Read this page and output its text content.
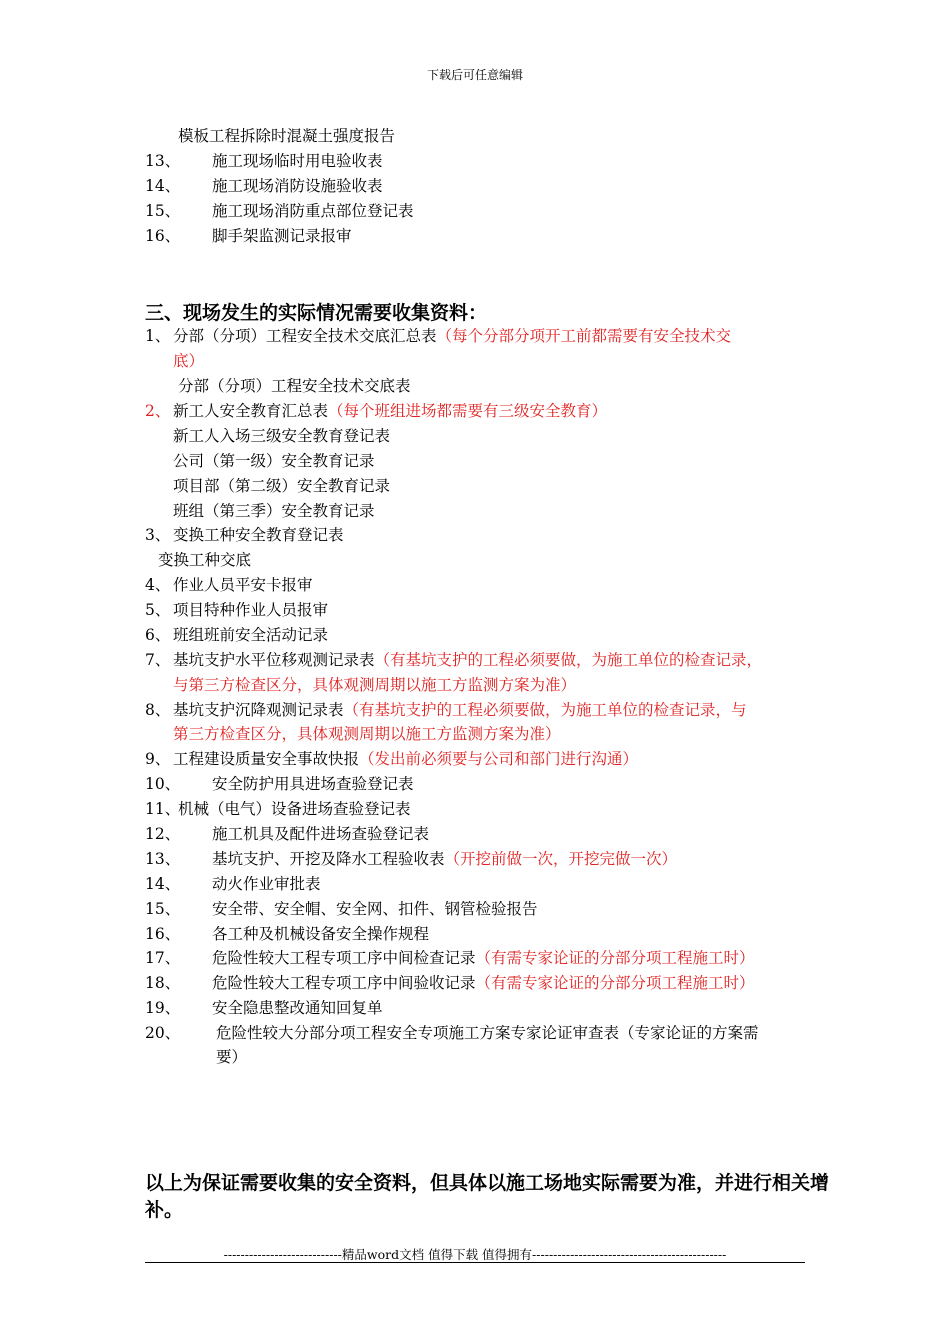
下载后可任意编辑
模板工程拆除时混凝土强度报告
13、 施工现场临时用电验收表
14、 施工现场消防设施验收表
15、 施工现场消防重点部位登记表
16、 脚手架监测记录报审
三、现场发生的实际情况需要收集资料：
1、 分部（分项）工程安全技术交底汇总表（每个分部分项开工前都需要有安全技术交
底）
分部（分项）工程安全技术交底表
2、 新工人安全教育汇总表（每个班组进场都需要有三级安全教育）
新工人入场三级安全教育登记表
公司（第一级）安全教育记录
项目部（第二级）安全教育记录
班组（第三季）安全教育记录
3、 变换工种安全教育登记表
变换工种交底
4、 作业人员平安卡报审
5、 项目特种作业人员报审
6、 班组班前安全活动记录
7、 基坑支护水平位移观测记录表（有基坑支护的工程必须要做，为施工单位的检查记录，
与第三方检查区分，具体观测周期以施工方监测方案为准）
8、 基坑支护沉降观测记录表（有基坑支护的工程必须要做，为施工单位的检查记录，与
第三方检查区分，具体观测周期以施工方监测方案为准）
9、 工程建设质量安全事故快报（发出前必须要与公司和部门进行沟通）
10、 安全防护用具进场查验登记表
11、
机械（电气）设备进场查验登记表
12、 施工机具及配件进场查验登记表
13、 基坑支护、开挖及降水工程验收表（开挖前做一次，开挖完做一次）
14、 动火作业审批表
15、 安全带、安全帽、安全网、扣件、钢管检验报告
16、 各工种及机械设备安全操作规程
17、 危险性较大工程专项工序中间检查记录（有需专家论证的分部分项工程施工时）
18、 危险性较大工程专项工序中间验收记录（有需专家论证的分部分项工程施工时）
19、 安全隐患整改通知回复单
20、 危险性较大分部分项工程安全专项施工方案专家论证审查表（专家论证的方案需
要）
以上为保证需要收集的安全资料，但具体以施工场地实际需要为准，并进行相关增补。
----------------------------精品word文档 值得下载 值得拥有----------------------------------------------
